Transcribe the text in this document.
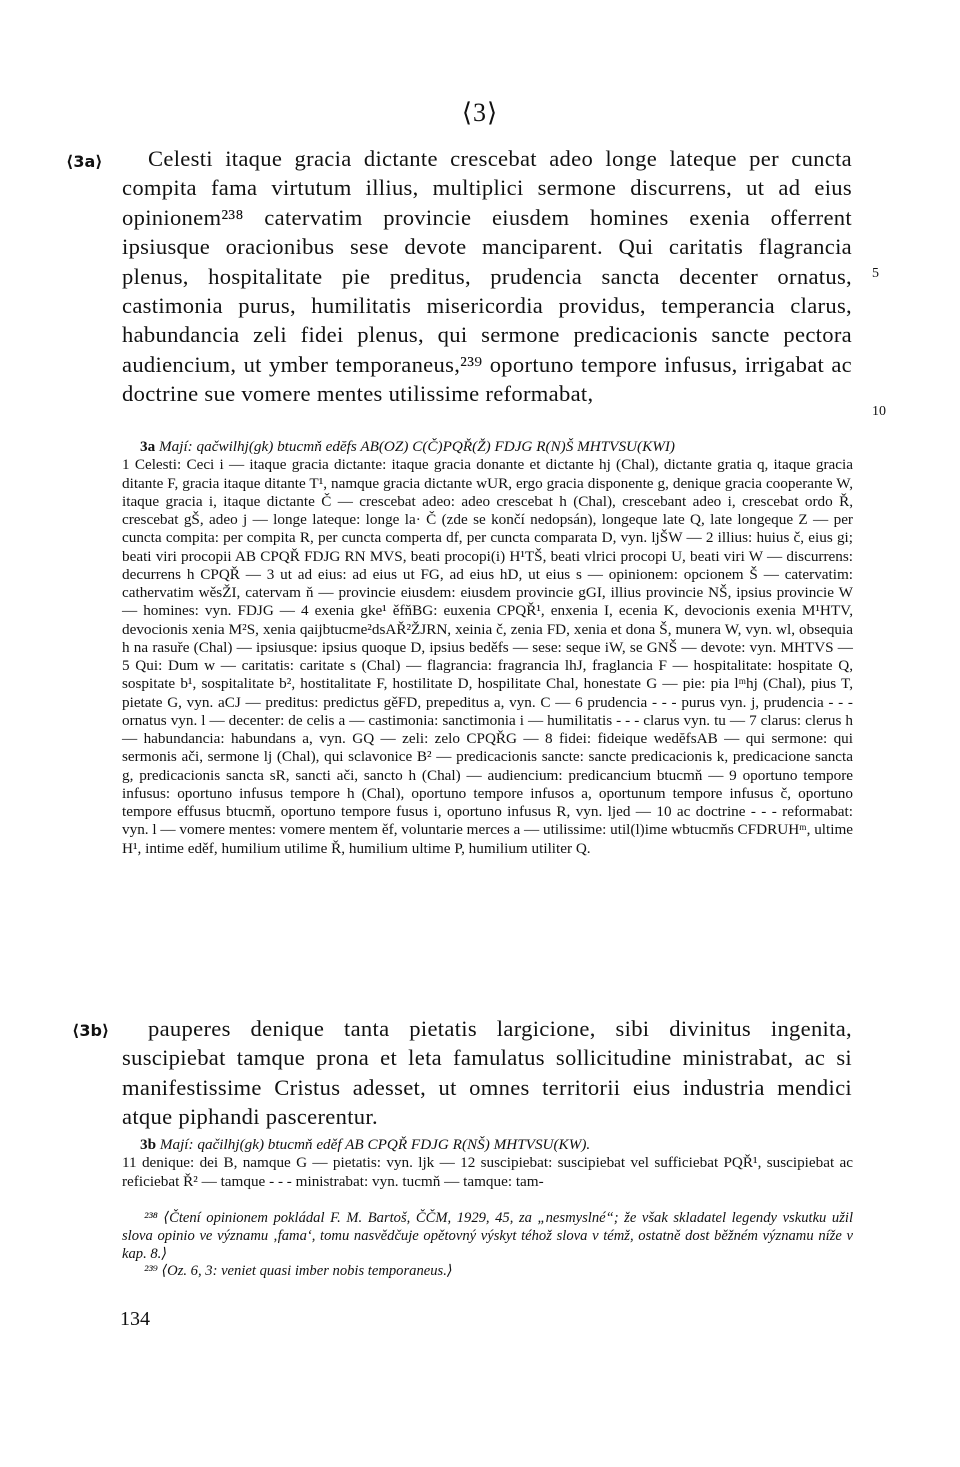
⟨3⟩
⟨3a⟩	Celesti itaque gracia dictante crescebat adeo longe lateque per cuncta compita fama virtutum illius, multiplici sermone discurrens, ut ad eius opinionem²³⁸ catervatim provincie eiusdem homines exenia offerrent ipsiusque oracionibus sese devote manciparent. Qui caritatis flagrancia plenus, hospitalitate pie preditus, prudencia sancta decenter ornatus, castimonia purus, humilitatis misericordia providus, temperancia clarus, habundancia zeli fidei plenus, qui sermone predicacionis sancte pectora audiencium, ut ymber temporaneus,²³⁹ oportuno tempore infusus, irrigabat ac doctrine sue vomere mentes utilissime reformabat,
5
10

3a Mají: qačwilhj(gk) btucmň edĕfs AB(OZ) C(Č)PQŘ(Ž) FDJG R(N)Š MHTVSU(KWI)

1 Celesti: Ceci i — itaque gracia dictante: itaque gracia donante et dictante hj (Chal), dictante gratia q, itaque gracia ditante F, gracia itaque ditante T¹, namque gracia dictante wUR, ergo gracia disponente g, denique gracia cooperante W, itaque gracia i, itaque dictante Č — crescebat adeo: adeo crescebat h (Chal), crescebant adeo i, crescebat ordo Ř, crescebat gŠ, adeo j — longe lateque: longe la· Č (zde se končí nedopsán), longeque late Q, late longeque Z — per cuncta compita: per compita R, per cuncta comperta df, per cuncta comparata D, vyn. ljŠW — 2 illius: huius č, eius gi; beati viri procopii AB CPQŘ FDJG RN MVS, beati procopi(i) H¹TŠ, beati vlrici procopi U, beati viri W — discurrens: decurrens h CPQŘ — 3 ut ad eius: ad eius ut FG, ad eius hD, ut eius s — opinionem: opcionem Š — catervatim: cathervatim wěsŽI, catervam ň — provincie eiusdem: eiusdem provincie gGI, illius provincie NŠ, ipsius provincie W — homines: vyn. FDJG — 4 exenia gke¹ ěfňBG: euxenia CPQŘ¹, enxenia I, ecenia K, devocionis exenia M¹HTV, devocionis xenia M²S, xenia qaijbtucme²dsAŘ²ŽJRN, xeinia č, zenia FD, xenia et dona Š, munera W, vyn. wl, obsequia h na rasuře (Chal) — ipsiusque: ipsius quoque D, ipsius beděfs — sese: seque iW, se GNŠ — devote: vyn. MHTVS — 5 Qui: Dum w — caritatis: caritate s (Chal) — flagrancia: fragrancia lhJ, fraglancia F — hospitalitate: hospitate Q, sospitate b¹, sospitalitate b², hostitalitate F, hostilitate D, hospilitate Chal, honestate G — pie: pia lᵐhj (Chal), pius T, pietate G, vyn. aCJ — preditus: predictus gěFD, prepeditus a, vyn. C — 6 prudencia - - - purus vyn. j, prudencia - - - ornatus vyn. l — decenter: de celis a — castimonia: sanctimonia i — humilitatis - - - clarus vyn. tu — 7 clarus: clerus h — habundancia: habundans a, vyn. GQ — zeli: zelo CPQŘG — 8 fidei: fideique wedĕfsAB — qui sermone: qui sermonis ači, sermone lj (Chal), qui sclavonice B² — predicacionis sancte: sancte predicacionis k, predicacione sancta g, predicacionis sancta sR, sancti ači, sancto h (Chal) — audiencium: predicancium btucmň — 9 oportuno tempore infusus: oportuno infusus tempore h (Chal), oportuno tempore infusos a, oportunum tempore infusus č, oportuno tempore effusus btucmň, oportuno tempore fusus i, oportuno infusus R, vyn. ljed — 10 ac doctrine - - - reformabat: vyn. l — vomere mentes: vomere mentem ěf, voluntarie merces a — utilissime: util(l)ime wbtucmňs CFDRUHᵐ, ultime H¹, intime eděf, humilium utilime Ř, humilium ultime P, humilium utiliter Q.

⟨3b⟩	pauperes denique tanta pietatis largicione, sibi divinitus ingenita, suscipiebat tamque prona et leta famulatus sollicitudine ministrabat, ac si manifestissime Cristus adesset, ut omnes territorii eius industria mendici atque piphandi pascerentur.

3b Mají: qačilhj(gk) btucmň eděf AB CPQŘ FDJG R(NŠ) MHTVSU(KW).

11 denique: dei B, namque G — pietatis: vyn. ljk — 12 suscipiebat: suscipiebat vel sufficiebat PQŘ¹, suscipiebat ac reficiebat Ř² — tamque - - - ministrabat: vyn. tucmň — tamque: tam-

²³⁸ ⟨Čtení opinionem pokládal F. M. Bartoš, ČČM, 1929, 45, za „nesmyslné“; že však skladatel legendy vskutku užil slova opinio ve významu ‚fama‘, tomu nasvědčuje opětovný výskyt téhož slova v témž, ostatně dost běžném významu níže v kap. 8.⟩

²³⁹ ⟨Oz. 6, 3: veniet quasi imber nobis temporaneus.⟩

134
